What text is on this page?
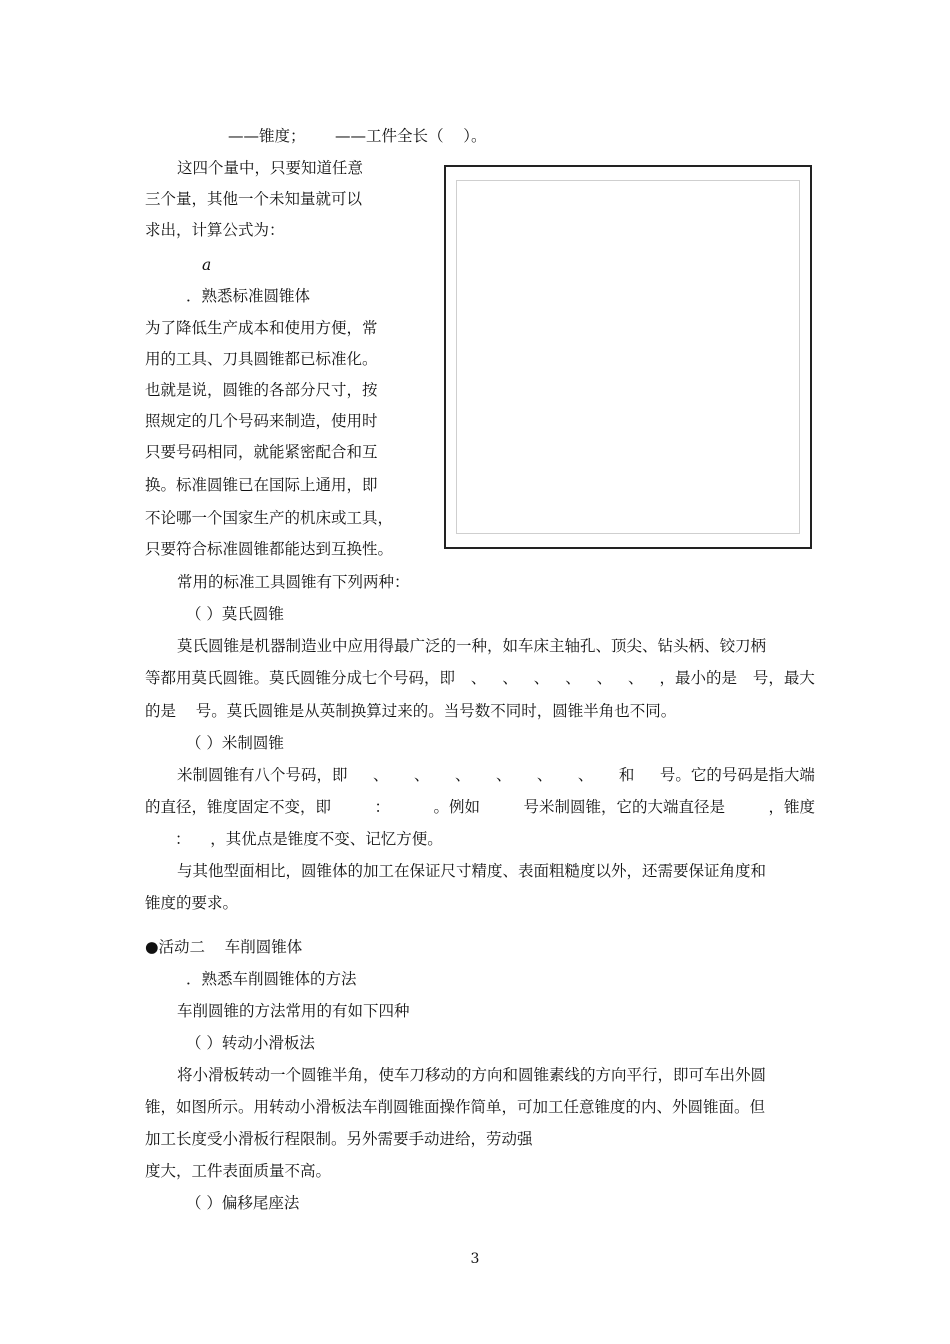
——锥度；      ——工件全长（    ）。
这四个量中，只要知道任意
三个量，其他一个未知量就可以
求出，计算公式为：
a
．熟悉标准圆锥体
为了降低生产成本和使用方便，常
用的工具、刀具圆锥都已标准化。
也就是说，圆锥的各部分尺寸，按
照规定的几个号码来制造，使用时
只要号码相同，就能紧密配合和互
换。标准圆锥已在国际上通用，即
不论哪一个国家生产的机床或工具，
只要符合标准圆锥都能达到互换性。
常用的标准工具圆锥有下列两种：
（ ）莫氏圆锥
莫氏圆锥是机器制造业中应用得最广泛的一种，如车床主轴孔、顶尖、钻头柄、铰刀柄
等都用莫氏圆锥。莫氏圆锥分成七个号码，即 、 、 、 、 、 、 ，最小的是 号，最大
的是    号。莫氏圆锥是从英制换算过来的。当号数不同时，圆锥半角也不同。
（ ）米制圆锥
米制圆锥有八个号码，即 、 、 、 、 、 、 和 号。它的号码是指大端
的直径，锥度固定不变，即	：	。例如	号米制圆锥，它的大端直径是	，锥度
：    ，其优点是锥度不变、记忆方便。
与其他型面相比，圆锥体的加工在保证尺寸精度、表面粗糙度以外，还需要保证角度和
锥度的要求。
●活动二    车削圆锥体
．熟悉车削圆锥体的方法
车削圆锥的方法常用的有如下四种
（ ）转动小滑板法
将小滑板转动一个圆锥半角，使车刀移动的方向和圆锥素线的方向平行，即可车出外圆
锥，如图所示。用转动小滑板法车削圆锥面操作简单，可加工任意锥度的内、外圆锥面。但
加工长度受小滑板行程限制。另外需要手动进给，劳动强
度大，工件表面质量不高。
（ ）偏移尾座法
3
